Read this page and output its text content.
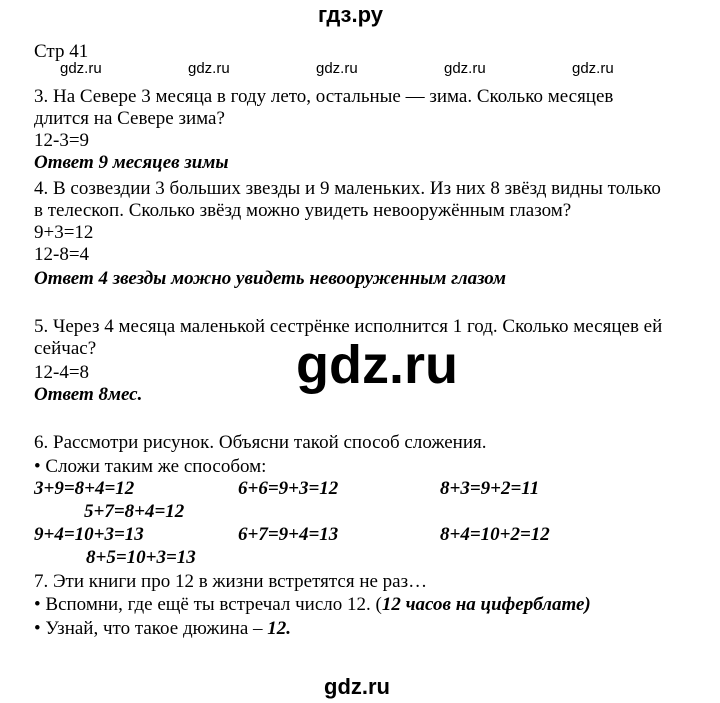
гдз.ру
Стр 41
gdz.ru	gdz.ru	gdz.ru	gdz.ru	gdz.ru
3. На Севере 3 месяца в году лето, остальные — зима. Сколько месяцев
длится на Севере зима?
12-3=9
Ответ 9 месяцев зимы
4. В созвездии 3 больших звезды и 9 маленьких. Из них 8 звёзд видны только
в телескоп. Сколько звёзд можно увидеть невооружённым глазом?
9+3=12
12-8=4
Ответ 4 звезды можно увидеть невооруженным глазом
5. Через 4 месяца маленькой сестрёнке исполнится 1 год. Сколько месяцев ей
сейчас?
12-4=8
Ответ 8мес.	gdz.ru
6. Рассмотри рисунок. Объясни такой способ сложения.
• Сложи таким же способом:
3+9=8+4=12	6+6=9+3=12	8+3=9+2=11
5+7=8+4=12
9+4=10+3=13	6+7=9+4=13	8+4=10+2=12
8+5=10+3=13
7. Эти книги про 12 в жизни встретятся не раз…
• Вспомни, где ещё ты встречал число 12. (12 часов на циферблате)
• Узнай, что такое дюжина – 12.
gdz.ru
